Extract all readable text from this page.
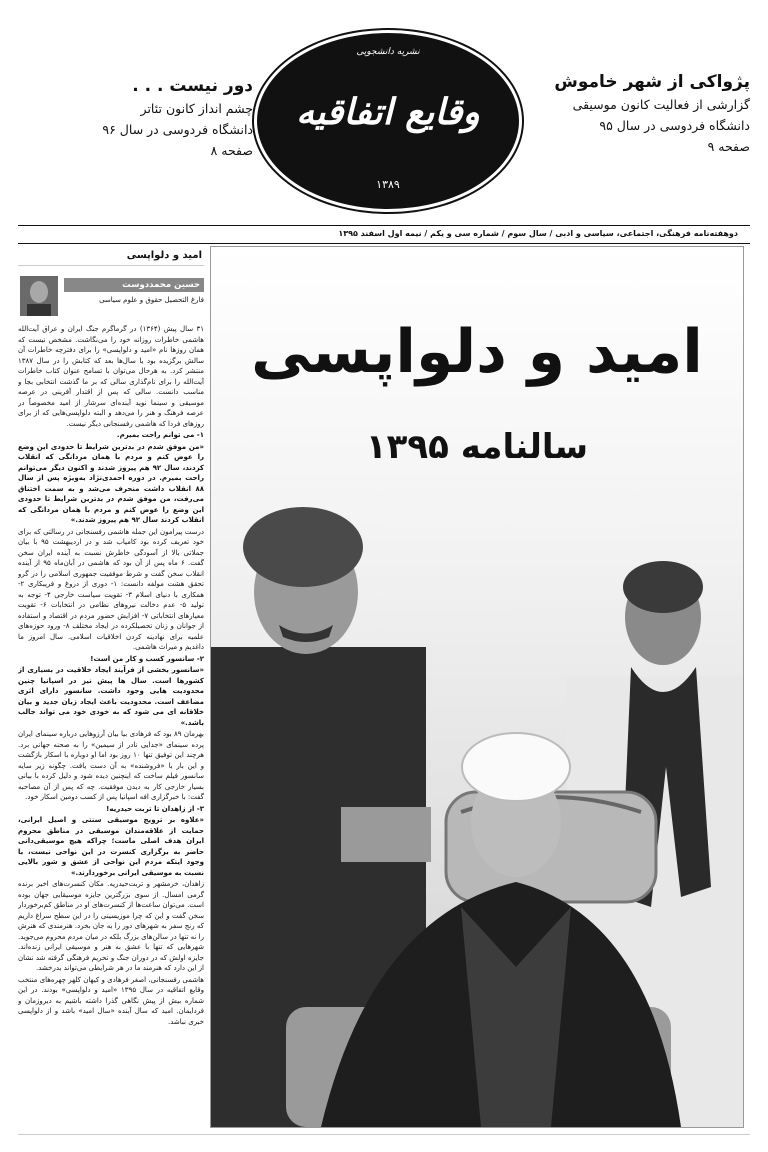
پژواکی از شهر خاموش
گزارشی از فعالیت کانون موسیقی
دانشگاه فردوسی در سال ۹۵
صفحه ۹
دور نیست . . .
چشم انداز کانون تئاتر
دانشگاه فردوسی در سال ۹۶
صفحه ۸
نشریه دانشجویی
وقایع اتفاقیه
۱۳۸۹
دوهفته‌نامه فرهنگی، اجتماعی، سیاسی و ادبی / سال سوم / شماره سی و یکم / نیمه اول اسفند ۱۳۹۵
امید و دلواپسی
سالنامه ۱۳۹۵
امید و دلواپسی
حسین محمددوست
فارغ التحصیل حقوق و علوم سیاسی

۳۱ سال پیش (۱۳۶۴) در گرماگرم جنگ ایران و عراق آیت‌الله هاشمی خاطرات روزانه خود را می‌نگاشت. مشخص نیست که همان روزها نام «امید و دلواپسی» را برای دفترچه خاطرات آن سالش برگزیده بود یا سال‌ها بعد که کتابش را در سال ۱۳۸۷ منتشر کرد. به هرحال می‌توان با تسامح عنوان کتاب خاطرات آیت‌الله را برای نام‌گذاری سالی که بر ما گذشت انتخابی بجا و مناسب دانست. سالی که پس از اقتدار آفرینی در عرصه موسیقی و سینما نوید آینده‌ای سرشار از امید مخصوصاً در عرصه فرهنگ و هنر را می‌دهد و البته دلواپسی‌هایی که از برای روزهای فردا که هاشمی رفسنجانی دیگر نیست.

۱- می توانم راحت بمیرم.

«من موفق شدم در بدترین شرایط تا حدودی این وضع را عوض کنم و مردم با همان مردانگی که انقلاب کردند، سال ۹۲ هم پیروز شدند و اکنون دیگر می‌توانم راحت بمیرم. در دوره احمدی‌نژاد به‌ویژه پس از سال ۸۸ انقلاب داشت منحرف می‌شد و به سمت اختناق می‌رفت، من موفق شدم در بدترین شرایط تا حدودی این وضع را عوض کنم و مردم با همان مردانگی که انقلاب کردند سال ۹۲ هم پیروز شدند.»

درست پیرامون این جمله هاشمی رفسنجانی در رسالتی که برای خود تعریف کرده بود کامیاب شد و در اردیبهشت ۹۵ با بیان جملاتی بالا از آسودگی خاطرش نسبت به آینده ایران سخن گفت. ۶ ماه پس از آن بود که هاشمی در آبان‌ماه ۹۵ از آینده انقلاب سخن گفت و شرط موفقیت جمهوری اسلامی را در گرو تحقق هشت مولفه دانست: ۱- دوری از دروغ و فریبکاری ۲- همکاری با دنیای اسلام ۳- تقویت سیاست خارجی ۴- توجه به تولید ۵- عدم دخالت نیروهای نظامی در انتخابات ۶- تقویت معیارهای انتخاباتی ۷- افزایش حضور مردم در اقتصاد و استفاده از جوانان و زنان تحصیلکرده در ایجاد مختلف ۸- ورود حوزه‌های علمیه برای نهادینه کردن اخلاقیات اسلامی. سال امروز ما داغدیم و میراث هاشمی.

۲- سانسور کسب و کار من است!

«سانسور بخشی از فرآیند ایجاد خلاقیت در بسیاری از کشورها است. سال ها پیش نیز در اسپانیا چنین محدودیت هایی وجود داشت. سانسور دارای اثری مضاعف است. محدودیت باعث ایجاد زبان جدید و بیان خلاقانه ای می شود که به خودی خود می تواند جالب باشد.»

بهرمان ۸۹ بود که فرهادی بیا بیان آرزوهایی درباره سینمای ایران پرده سینمای «جدایی نادر از سیمین» را به صحنه جهانی برد. هرچند این توفیق تنها ۱۰ روز بود اما او دوباره با اسکار بازگشت و این بار با «فروشنده» به آن دست یافت. چگونه زیر سایه سانسور فیلم ساخت که اینچنین دیده شود و دلیل کرده با بیانی بسیار خارجی کار به دیدن موفقیت. چه که پس از آن مصاحبه گفت: با خبرگزاری افه اسپانیا پس از کسب دومین اسکار خود.

۳- از زاهدان تا تربت حیدریه!

«علاوه بر ترویج موسیقی سنتی و اصیل ایرانی، حمایت از علاقه‌مندان موسیقی در مناطق محروم ایران هدف اصلی ماست؛ چراکه هیچ موسیقی‌دانی حاضر به برگزاری کنسرت در این نواحی نیست، با وجود اینکه مردم این نواحی از عشق و شور بالایی نسبت به موسیقی ایرانی برخوردارند.»

زاهدان، خرمشهر و تربت‌حیدریه. مکان کنسرت‌های اخیر برنده گرمی امسال. از سوی بزرگترین جایزه موسیقایی جهان بوده است. می‌توان ساعت‌ها از کنسرت‌های او در مناطق کم‌برخوردار سخن گفت و این که چرا موزیسینی را در این سطح سراغ داریم که رنج سفر به شهرهای دور را به جان بخرد. هنرمندی که هنرش را نه تنها در سالن‌های بزرگ بلکه در میان مردم محروم می‌جوید. شهرهایی که تنها با عشق به هنر و موسیقی ایرانی زنده‌اند. جایزه اولش که در دوران جنگ و تحریم فرهنگی گرفته شد نشان از این دارد که هنرمند ما در هر شرایطی می‌تواند بدرخشد.

هاشمی رفسنجانی، اصغر فرهادی و کیهان کلهر چهره‌های منتخب وقایع اتفاقیه در سال ۱۳۹۵ «امید و دلواپسی» بودند. در این شماره بیش از پیش نگاهی گذرا داشته باشیم به دیروزمان و فردایمان. امید که سال آینده «سال امید» باشد و از دلواپسی خبری نباشد.
